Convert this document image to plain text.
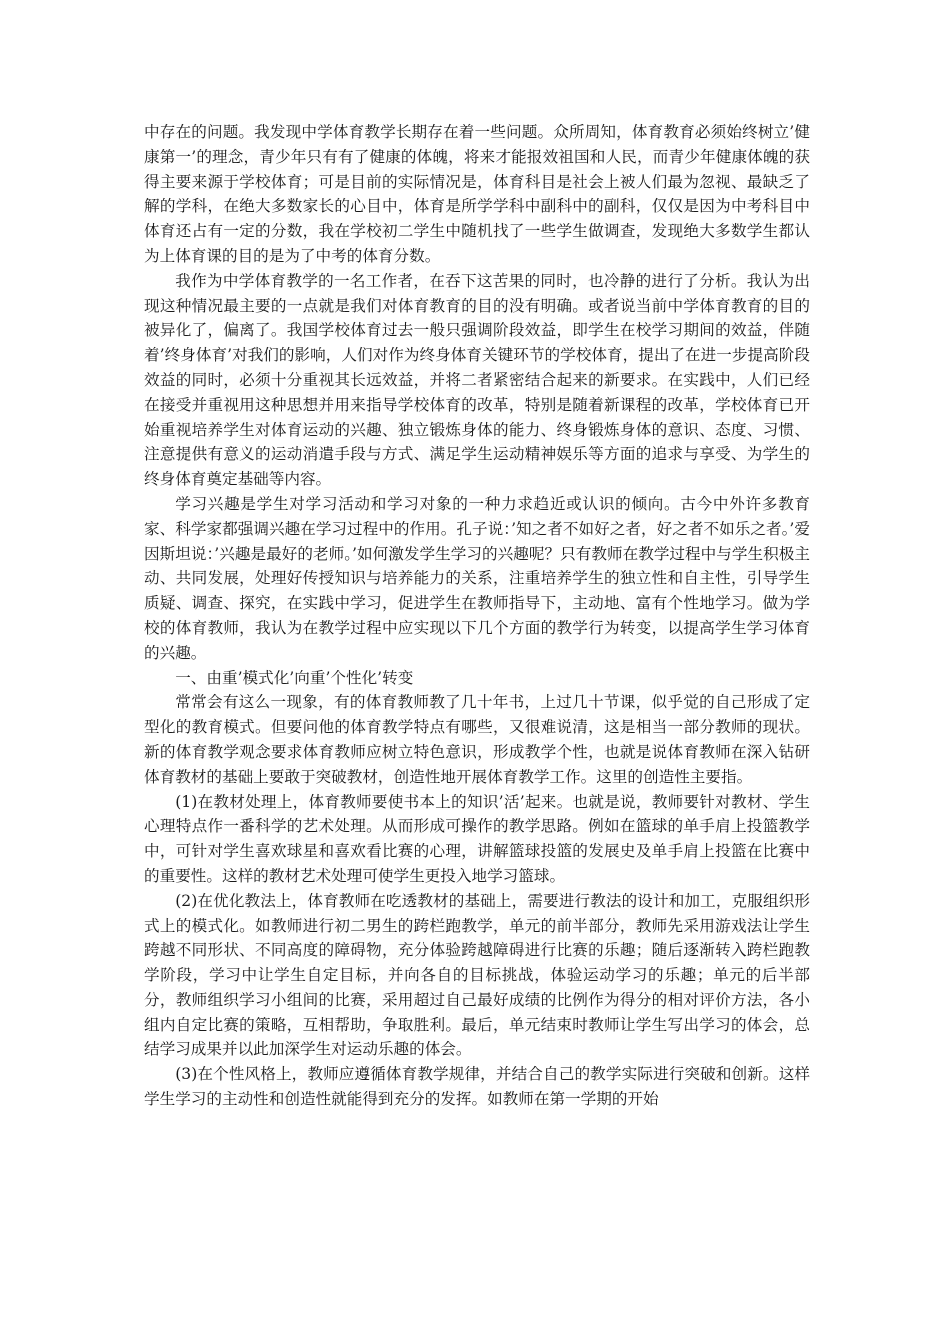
中存在的问题。我发现中学体育教学长期存在着一些问题。众所周知，体育教育必须始终树立’健康第一’的理念，青少年只有有了健康的体魄，将来才能报效祖国和人民，而青少年健康体魄的获得主要来源于学校体育；可是目前的实际情况是，体育科目是社会上被人们最为忽视、最缺乏了解的学科，在绝大多数家长的心目中，体育是所学学科中副科中的副科，仅仅是因为中考科目中体育还占有一定的分数，我在学校初二学生中随机找了一些学生做调查，发现绝大多数学生都认为上体育课的目的是为了中考的体育分数。

我作为中学体育教学的一名工作者，在吞下这苦果的同时，也冷静的进行了分析。我认为出现这种情况最主要的一点就是我们对体育教育的目的没有明确。或者说当前中学体育教育的目的被异化了，偏离了。我国学校体育过去一般只强调阶段效益，即学生在校学习期间的效益，伴随着’终身体育’对我们的影响，人们对作为终身体育关键环节的学校体育，提出了在进一步提高阶段效益的同时，必须十分重视其长远效益，并将二者紧密结合起来的新要求。在实践中，人们已经在接受并重视用这种思想并用来指导学校体育的改革，特别是随着新课程的改革，学校体育已开始重视培养学生对体育运动的兴趣、独立锻炼身体的能力、终身锻炼身体的意识、态度、习惯、注意提供有意义的运动消遣手段与方式、满足学生运动精神娱乐等方面的追求与享受、为学生的终身体育奠定基础等内容。

学习兴趣是学生对学习活动和学习对象的一种力求趋近或认识的倾向。古今中外许多教育家、科学家都强调兴趣在学习过程中的作用。孔子说：’知之者不如好之者，好之者不如乐之者。’爱因斯坦说：’兴趣是最好的老师。’如何激发学生学习的兴趣呢？只有教师在教学过程中与学生积极主动、共同发展，处理好传授知识与培养能力的关系，注重培养学生的独立性和自主性，引导学生质疑、调查、探究，在实践中学习，促进学生在教师指导下，主动地、富有个性地学习。做为学校的体育教师，我认为在教学过程中应实现以下几个方面的教学行为转变，以提高学生学习体育的兴趣。

一、由重’模式化’向重’个性化’转变

常常会有这么一现象，有的体育教师教了几十年书，上过几十节课，似乎觉的自己形成了定型化的教育模式。但要问他的体育教学特点有哪些，又很难说清，这是相当一部分教师的现状。新的体育教学观念要求体育教师应树立特色意识，形成教学个性，也就是说体育教师在深入钻研体育教材的基础上要敢于突破教材，创造性地开展体育教学工作。这里的创造性主要指。

(1)在教材处理上，体育教师要使书本上的知识’活’起来。也就是说，教师要针对教材、学生心理特点作一番科学的艺术处理。从而形成可操作的教学思路。例如在篮球的单手肩上投篮教学中，可针对学生喜欢球星和喜欢看比赛的心理，讲解篮球投篮的发展史及单手肩上投篮在比赛中的重要性。这样的教材艺术处理可使学生更投入地学习篮球。

(2)在优化教法上，体育教师在吃透教材的基础上，需要进行教法的设计和加工，克服组织形式上的模式化。如教师进行初二男生的跨栏跑教学，单元的前半部分，教师先采用游戏法让学生跨越不同形状、不同高度的障碍物，充分体验跨越障碍进行比赛的乐趣；随后逐渐转入跨栏跑教学阶段，学习中让学生自定目标，并向各自的目标挑战，体验运动学习的乐趣；单元的后半部分，教师组织学习小组间的比赛，采用超过自己最好成绩的比例作为得分的相对评价方法，各小组内自定比赛的策略，互相帮助，争取胜利。最后，单元结束时教师让学生写出学习的体会，总结学习成果并以此加深学生对运动乐趣的体会。

(3)在个性风格上，教师应遵循体育教学规律，并结合自己的教学实际进行突破和创新。这样学生学习的主动性和创造性就能得到充分的发挥。如教师在第一学期的开始
